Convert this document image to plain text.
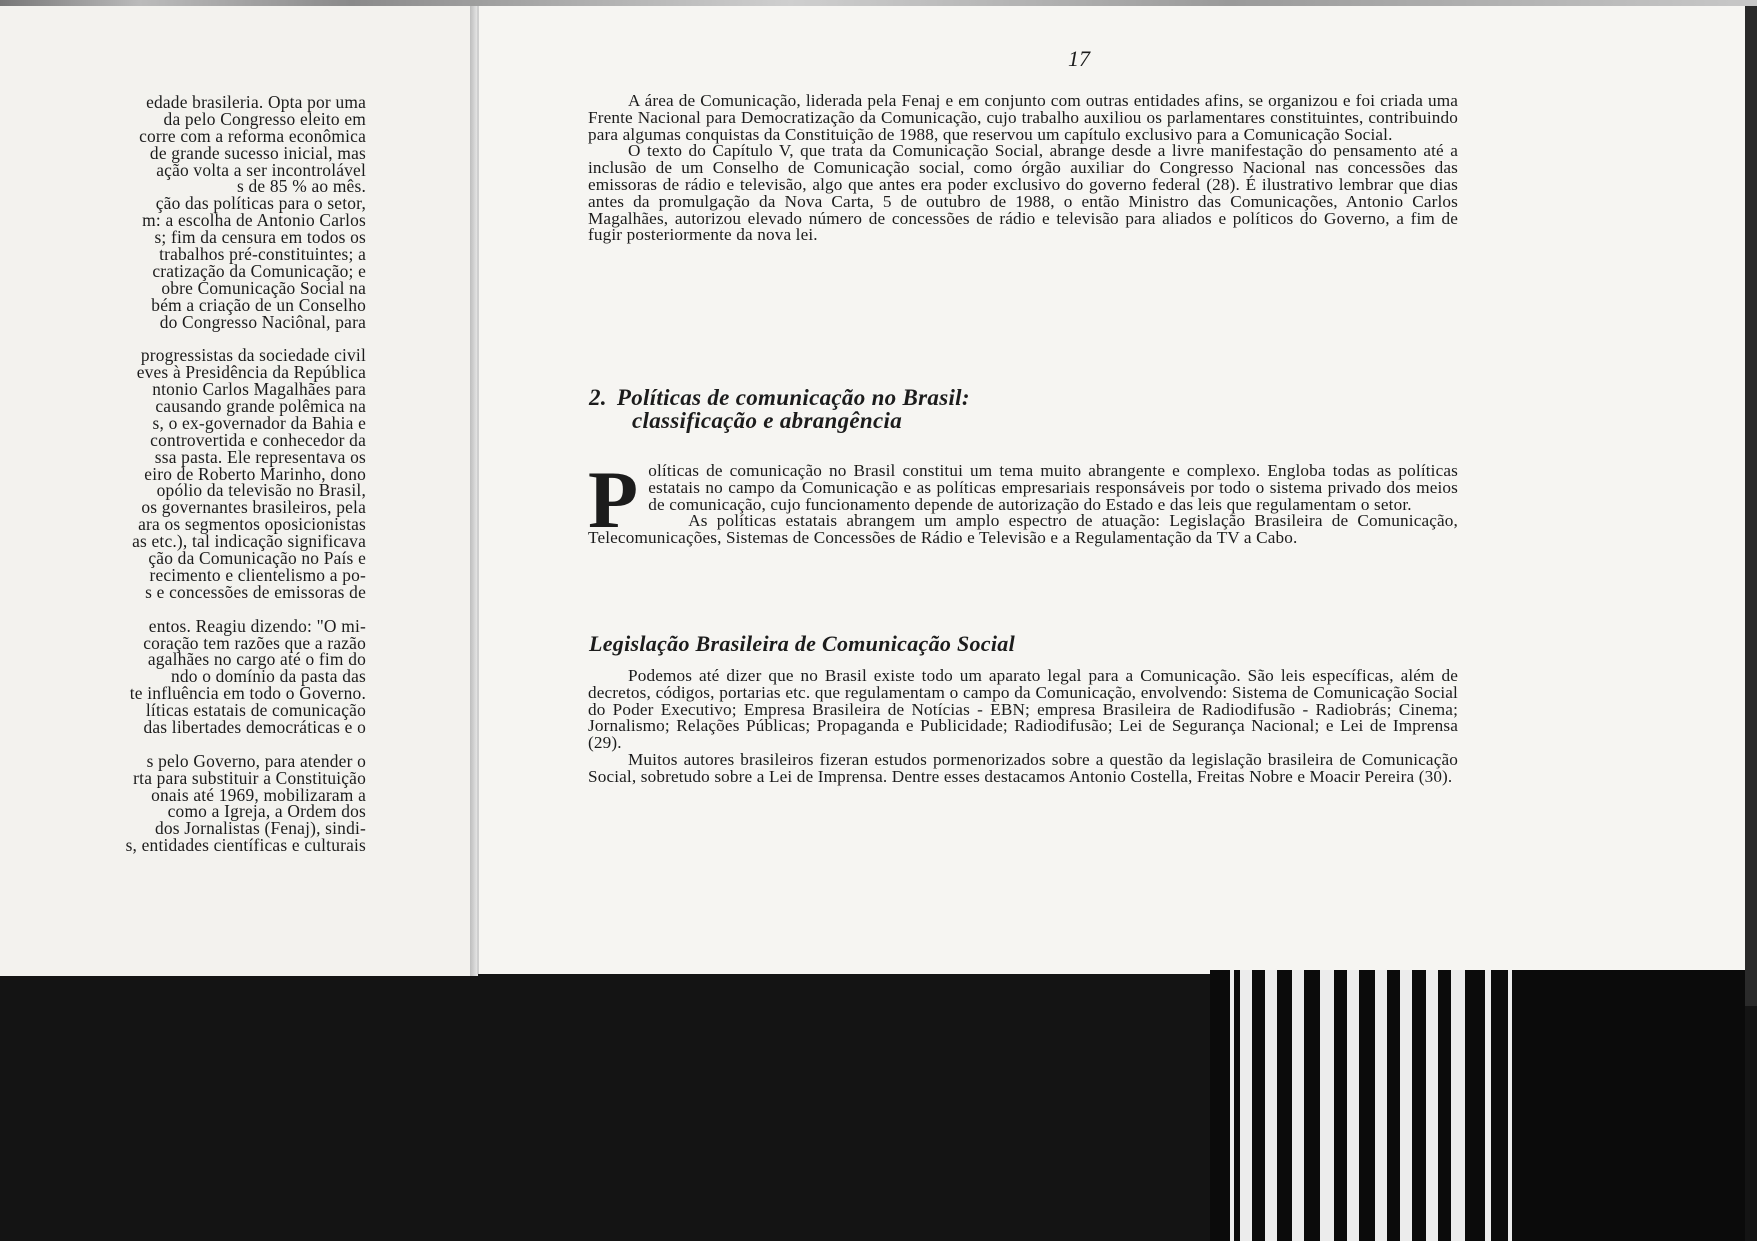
edade brasileria. Opta por uma
da pelo Congresso eleito em
corre com a reforma econômica
de grande sucesso inicial, mas
ação volta a ser incontrolável
s de 85 % ao mês.
ção das políticas para o setor,
m: a escolha de Antonio Carlos
s; fim da censura em todos os
trabalhos pré-constituintes; a
cratização da Comunicação; e
obre Comunicação Social na
bém a criação de un Conselho
do Congresso Naciônal, para
progressistas da sociedade civil
eves à Presidência da República
ntonio Carlos Magalhães para
causando grande polêmica na
s, o ex-governador da Bahia e
controvertida e conhecedor da
ssa pasta. Ele representava os
eiro de Roberto Marinho, dono
opólio da televisão no Brasil,
os governantes brasileiros, pela
ara os segmentos oposicionistas
as etc.), tal indicação significava
ção da Comunicação no País e
recimento e clientelismo a po-
s e concessões de emissoras de
entos. Reagiu dizendo: "O mi-
coração tem razões que a razão
agalhães no cargo até o fim do
ndo o domínio da pasta das
te influência em todo o Governo.
líticas estatais de comunicação
das libertades democráticas e o
s pelo Governo, para atender o
rta para substituir a Constituição
onais até 1969, mobilizaram a
como a Igreja, a Ordem dos
dos Jornalistas (Fenaj), sindi-
s, entidades científicas e culturais
17

A área de Comunicação, liderada pela Fenaj e em conjunto com outras entidades afins, se organizou e foi criada uma Frente Nacional para Democratização da Comunicação, cujo trabalho auxiliou os parlamentares constituintes, contribuindo para algumas conquistas da Constituição de 1988, que reservou um capítulo exclusivo para a Comunicação Social.

O texto do Capítulo V, que trata da Comunicação Social, abrange desde a livre manifestação do pensamento até a inclusão de um Conselho de Comunicação social, como órgão auxiliar do Congresso Nacional nas concessões das emissoras de rádio e televisão, algo que antes era poder exclusivo do governo federal (28). É ilustrativo lembrar que dias antes da promulgação da Nova Carta, 5 de outubro de 1988, o então Ministro das Comunicações, Antonio Carlos Magalhães, autorizou elevado número de concessões de rádio e televisão para aliados e políticos do Governo, a fim de fugir posteriormente da nova lei.

2. Políticas de comunicação no Brasil:
classificação e abrangência

Políticas de comunicação no Brasil constitui um tema muito abrangente e complexo. Engloba todas as políticas estatais no campo da Comunicação e as políticas empresariais responsáveis por todo o sistema privado dos meios de comunicação, cujo funcionamento depende de autorização do Estado e das leis que regulamentam o setor.

As políticas estatais abrangem um amplo espectro de atuação: Legislação Brasileira de Comunicação, Telecomunicações, Sistemas de Concessões de Rádio e Televisão e a Regulamentação da TV a Cabo.

Legislação Brasileira de Comunicação Social

Podemos até dizer que no Brasil existe todo um aparato legal para a Comunicação. São leis específicas, além de decretos, códigos, portarias etc. que regulamentam o campo da Comunicação, envolvendo: Sistema de Comunicação Social do Poder Executivo; Empresa Brasileira de Notícias - EBN; empresa Brasileira de Radiodifusão - Radiobrás; Cinema; Jornalismo; Relações Públicas; Propaganda e Publicidade; Radiodifusão; Lei de Segurança Nacional; e Lei de Imprensa (29).

Muitos autores brasileiros fizeran estudos pormenorizados sobre a questão da legislação brasileira de Comunicação Social, sobretudo sobre a Lei de Imprensa. Dentre esses destacamos Antonio Costella, Freitas Nobre e Moacir Pereira (30).
